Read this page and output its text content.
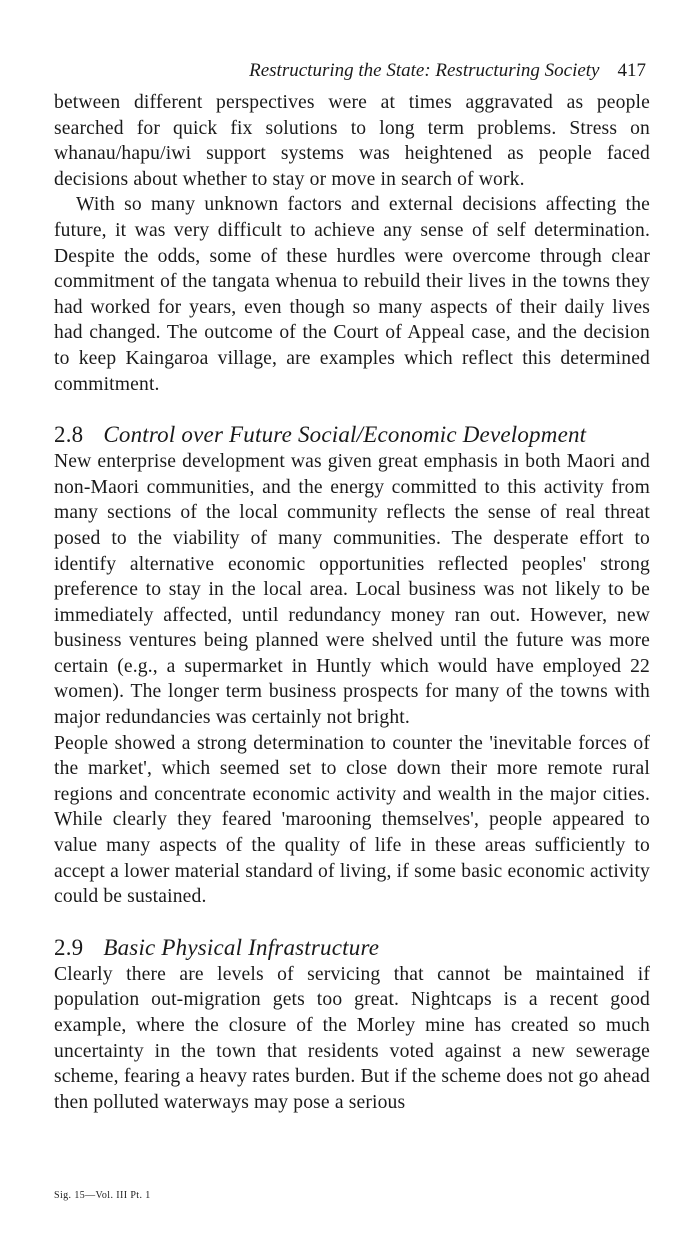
Restructuring the State: Restructuring Society 417

between different perspectives were at times aggravated as people searched for quick fix solutions to long term problems. Stress on whanau/hapu/iwi support systems was heightened as people faced decisions about whether to stay or move in search of work.

With so many unknown factors and external decisions affecting the future, it was very difficult to achieve any sense of self determination. Despite the odds, some of these hurdles were overcome through clear commitment of the tangata whenua to rebuild their lives in the towns they had worked for years, even though so many aspects of their daily lives had changed. The outcome of the Court of Appeal case, and the decision to keep Kaingaroa village, are examples which reflect this determined commitment.

2.8 Control over Future Social/Economic Development

New enterprise development was given great emphasis in both Maori and non-Maori communities, and the energy committed to this activity from many sections of the local community reflects the sense of real threat posed to the viability of many communities. The desperate effort to identify alternative economic opportunities reflected peoples' strong preference to stay in the local area. Local business was not likely to be immediately affected, until redundancy money ran out. However, new business ventures being planned were shelved until the future was more certain (e.g., a supermarket in Huntly which would have employed 22 women). The longer term business prospects for many of the towns with major redundancies was certainly not bright.

People showed a strong determination to counter the 'inevitable forces of the market', which seemed set to close down their more remote rural regions and concentrate economic activity and wealth in the major cities. While clearly they feared 'marooning themselves', people appeared to value many aspects of the quality of life in these areas sufficiently to accept a lower material standard of living, if some basic economic activity could be sustained.

2.9 Basic Physical Infrastructure

Clearly there are levels of servicing that cannot be maintained if population out-migration gets too great. Nightcaps is a recent good example, where the closure of the Morley mine has created so much uncertainty in the town that residents voted against a new sewerage scheme, fearing a heavy rates burden. But if the scheme does not go ahead then polluted waterways may pose a serious

Sig. 15—Vol. III Pt. 1
